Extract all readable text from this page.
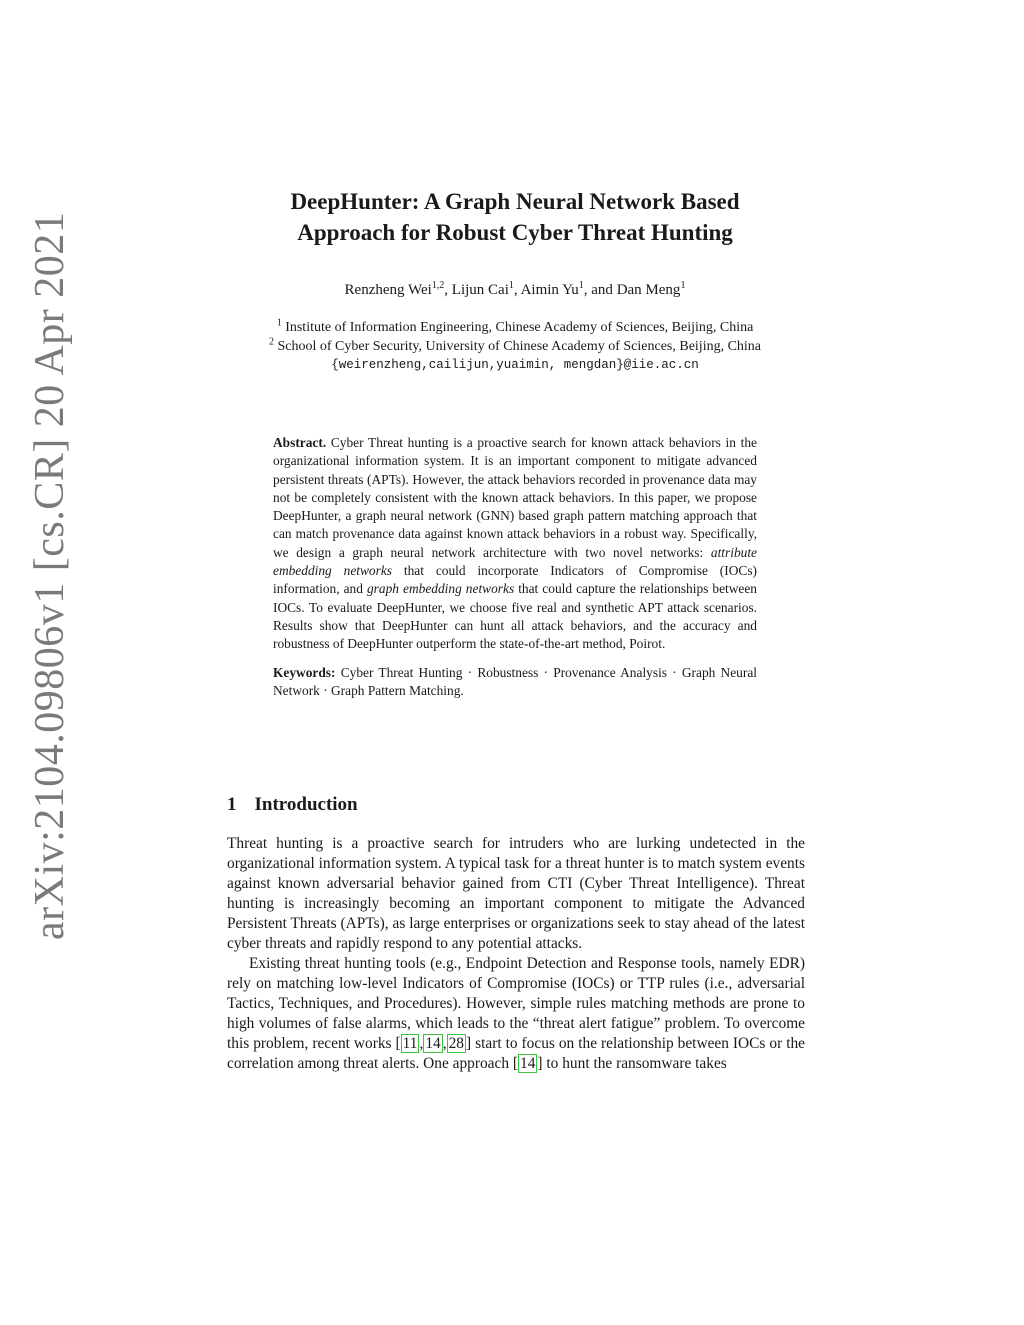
arXiv:2104.09806v1 [cs.CR] 20 Apr 2021
DeepHunter: A Graph Neural Network Based
Approach for Robust Cyber Threat Hunting
Renzheng Wei$^{1,2}$, Lijun Cai$^1$, Aimin Yu$^1$, and Dan Meng$^1$
$^1$ Institute of Information Engineering, Chinese Academy of Sciences, Beijing, China
$^2$ School of Cyber Security, University of Chinese Academy of Sciences, Beijing, China
{weirenzheng,cailijun,yuaimin, mengdan}@iie.ac.cn

Abstract. Cyber Threat hunting is a proactive search for known attack behaviors in the organizational information system. It is an important component to mitigate advanced persistent threats (APTs). However, the attack behaviors recorded in provenance data may not be completely consistent with the known attack behaviors. In this paper, we propose DeepHunter, a graph neural network (GNN) based graph pattern matching approach that can match provenance data against known attack behaviors in a robust way. Specifically, we design a graph neural network architecture with two novel networks: attribute embedding networks that could incorporate Indicators of Compromise (IOCs) information, and graph embedding networks that could capture the relationships between IOCs. To evaluate DeepHunter, we choose five real and synthetic APT attack scenarios. Results show that DeepHunter can hunt all attack behaviors, and the accuracy and robustness of DeepHunter outperform the state-of-the-art method, Poirot.

Keywords: Cyber Threat Hunting · Robustness · Provenance Analysis · Graph Neural Network · Graph Pattern Matching.

1 Introduction

Threat hunting is a proactive search for intruders who are lurking undetected in the organizational information system. A typical task for a threat hunter is to match system events against known adversarial behavior gained from CTI (Cyber Threat Intelligence). Threat hunting is increasingly becoming an important component to mitigate the Advanced Persistent Threats (APTs), as large enterprises or organizations seek to stay ahead of the latest cyber threats and rapidly respond to any potential attacks.

Existing threat hunting tools (e.g., Endpoint Detection and Response tools, namely EDR) rely on matching low-level Indicators of Compromise (IOCs) or TTP rules (i.e., adversarial Tactics, Techniques, and Procedures). However, simple rules matching methods are prone to high volumes of false alarms, which leads to the “threat alert fatigue” problem. To overcome this problem, recent works [ 11 , 14 , 28 ] start to focus on the relationship between IOCs or the correlation among threat alerts. One approach [ 14 ] to hunt the ransomware takes
